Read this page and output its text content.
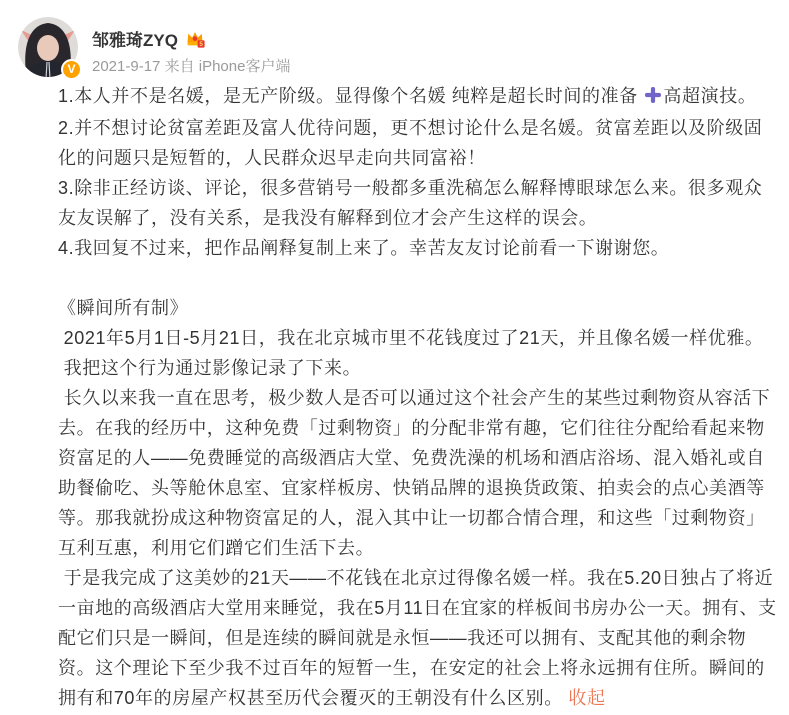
V
邹雅琦ZYQ	5
2021-9-17 来自 iPhone客户端
1.本人并不是名媛，是无产阶级。显得像个名媛 纯粹是超长时间的准备 高超演技。
2.并不想讨论贫富差距及富人优待问题，更不想讨论什么是名媛。贫富差距以及阶级固化的问题只是短暂的，人民群众迟早走向共同富裕！
3.除非正经访谈、评论，很多营销号一般都多重洗稿怎么解释博眼球怎么来。很多观众友友误解了，没有关系，是我没有解释到位才会产生这样的误会。
4.我回复不过来，把作品阐释复制上来了。幸苦友友讨论前看一下谢谢您。
《瞬间所有制》
2021年5月1日-5月21日，我在北京城市里不花钱度过了21天，并且像名媛一样优雅。
我把这个行为通过影像记录了下来。
长久以来我一直在思考，极少数人是否可以通过这个社会产生的某些过剩物资从容活下去。在我的经历中，这种免费「过剩物资」的分配非常有趣，它们往往分配给看起来物资富足的人——免费睡觉的高级酒店大堂、免费洗澡的机场和酒店浴场、混入婚礼或自助餐偷吃、头等舱休息室、宜家样板房、快销品牌的退换货政策、拍卖会的点心美酒等等。那我就扮成这种物资富足的人，混入其中让一切都合情合理，和这些「过剩物资」互利互惠，利用它们蹭它们生活下去。
于是我完成了这美妙的21天——不花钱在北京过得像名媛一样。我在5.20日独占了将近一亩地的高级酒店大堂用来睡觉，我在5月11日在宜家的样板间书房办公一天。拥有、支配它们只是一瞬间，但是连续的瞬间就是永恒——我还可以拥有、支配其他的剩余物资。这个理论下至少我不过百年的短暂一生，在安定的社会上将永远拥有住所。瞬间的拥有和70年的房屋产权甚至历代会覆灭的王朝没有什么区别。 收起
